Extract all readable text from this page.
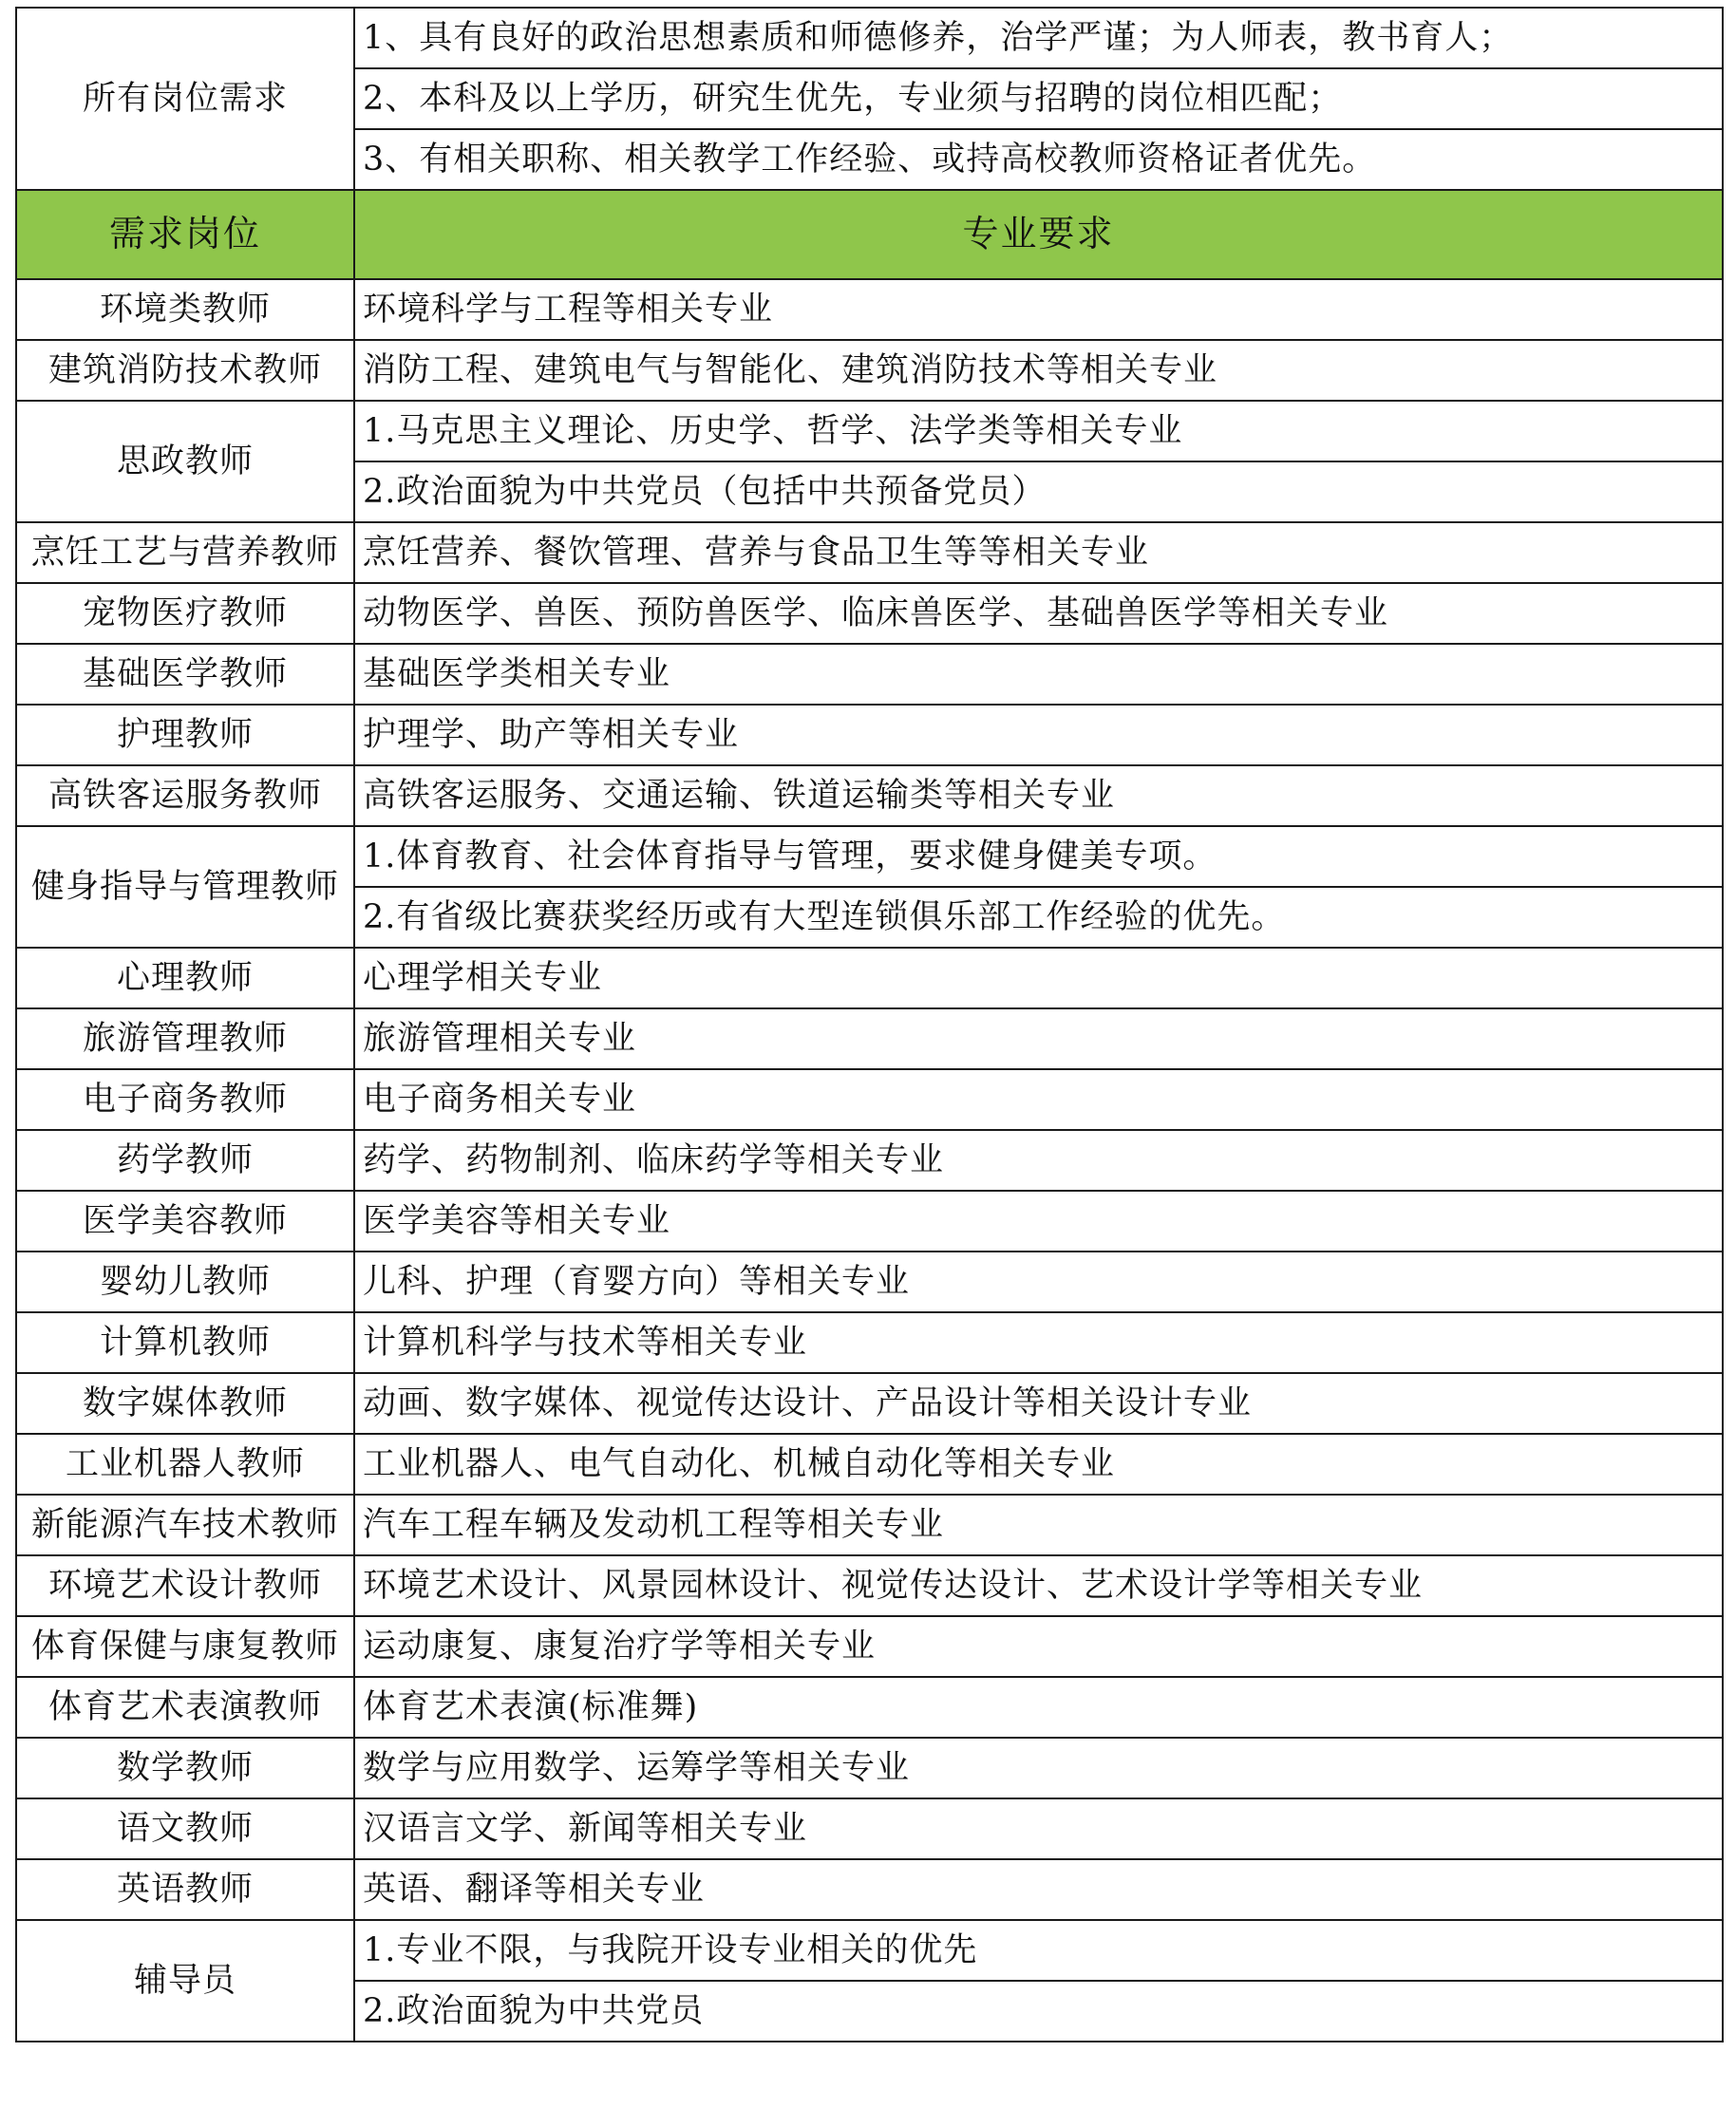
所有岗位需求	1、具有良好的政治思想素质和师德修养，治学严谨；为人师表，教书育人；
	2、本科及以上学历，研究生优先，专业须与招聘的岗位相匹配；
	3、有相关职称、相关教学工作经验、或持高校教师资格证者优先。
需求岗位	专业要求
环境类教师	环境科学与工程等相关专业
建筑消防技术教师	消防工程、建筑电气与智能化、建筑消防技术等相关专业
思政教师	1.马克思主义理论、历史学、哲学、法学类等相关专业
	2.政治面貌为中共党员（包括中共预备党员）
烹饪工艺与营养教师	烹饪营养、餐饮管理、营养与食品卫生等等相关专业
宠物医疗教师	动物医学、兽医、预防兽医学、临床兽医学、基础兽医学等相关专业
基础医学教师	基础医学类相关专业
护理教师	护理学、助产等相关专业
高铁客运服务教师	高铁客运服务、交通运输、铁道运输类等相关专业
健身指导与管理教师	1.体育教育、社会体育指导与管理，要求健身健美专项。
	2.有省级比赛获奖经历或有大型连锁俱乐部工作经验的优先。
心理教师	心理学相关专业
旅游管理教师	旅游管理相关专业
电子商务教师	电子商务相关专业
药学教师	药学、药物制剂、临床药学等相关专业
医学美容教师	医学美容等相关专业
婴幼儿教师	儿科、护理（育婴方向）等相关专业
计算机教师	计算机科学与技术等相关专业
数字媒体教师	动画、数字媒体、视觉传达设计、产品设计等相关设计专业
工业机器人教师	工业机器人、电气自动化、机械自动化等相关专业
新能源汽车技术教师	汽车工程车辆及发动机工程等相关专业
环境艺术设计教师	环境艺术设计、风景园林设计、视觉传达设计、艺术设计学等相关专业
体育保健与康复教师	运动康复、康复治疗学等相关专业
体育艺术表演教师	体育艺术表演(标准舞)
数学教师	数学与应用数学、运筹学等相关专业
语文教师	汉语言文学、新闻等相关专业
英语教师	英语、翻译等相关专业
辅导员	1.专业不限，与我院开设专业相关的优先
	2.政治面貌为中共党员
